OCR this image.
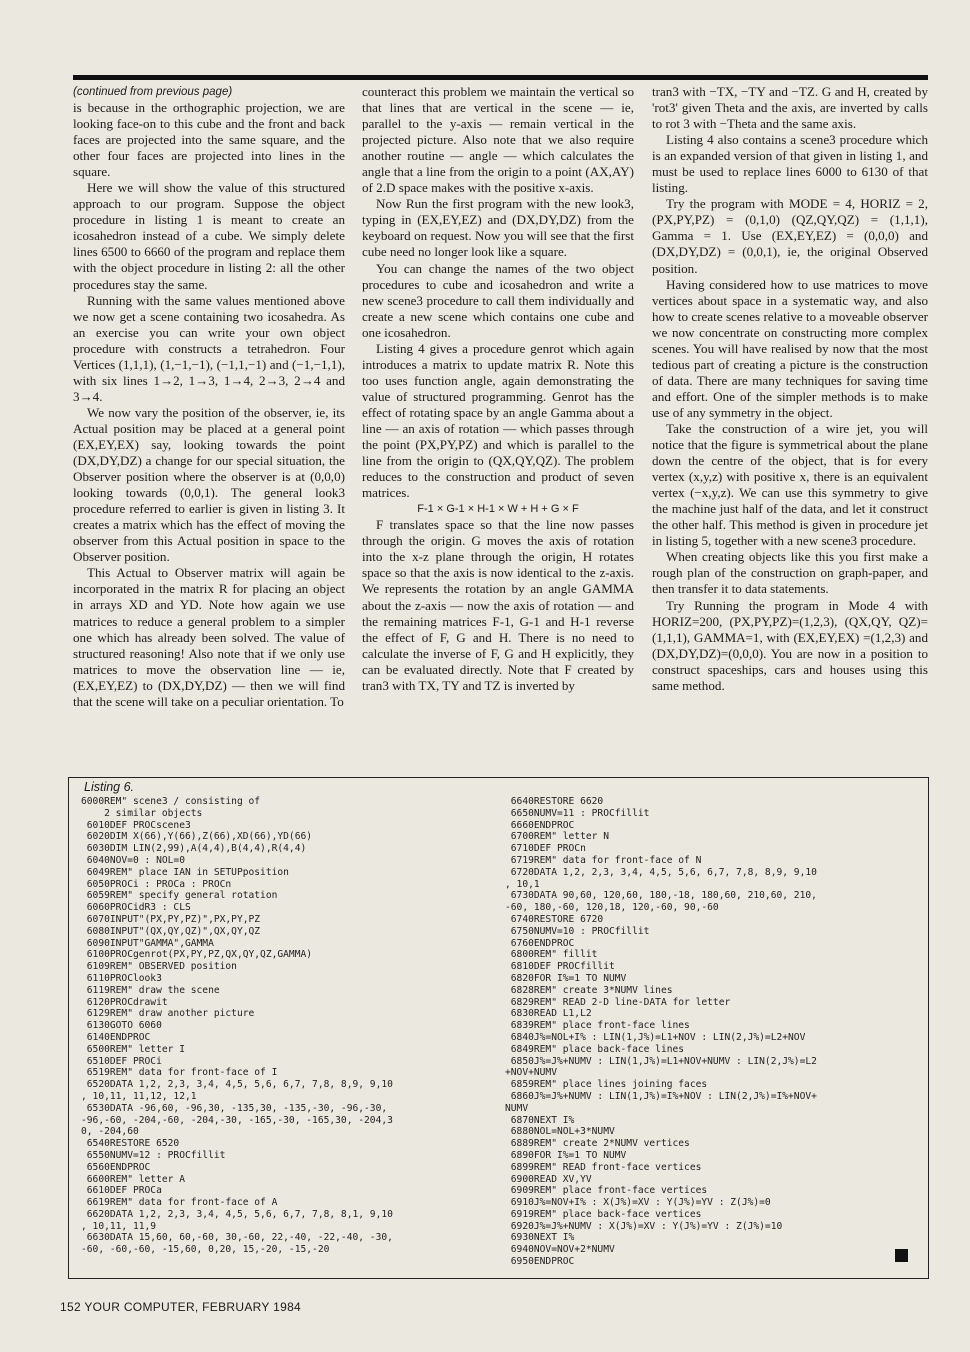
(continued from previous page)

is because in the orthographic projection, we are looking face-on to this cube and the front and back faces are projected into the same square, and the other four faces are projected into lines in the square.

Here we will show the value of this structured approach to our program. Suppose the object procedure in listing 1 is meant to create an icosahedron instead of a cube. We simply delete lines 6500 to 6660 of the program and replace them with the object procedure in listing 2: all the other procedures stay the same.

Running with the same values mentioned above we now get a scene containing two icosahedra. As an exercise you can write your own object procedure with constructs a tetrahedron. Four Vertices (1,1,1), (1,−1,−1), (−1,1,−1) and (−1,−1,1), with six lines 1→2, 1→3, 1→4, 2→3, 2→4 and 3→4.

We now vary the position of the observer, ie, its Actual position may be placed at a general point (EX,EY,EX) say, looking towards the point (DX,DY,DZ) a change for our special situation, the Observer position where the observer is at (0,0,0) looking towards (0,0,1). The general look3 procedure referred to earlier is given in listing 3. It creates a matrix which has the effect of moving the observer from this Actual position in space to the Observer position.

This Actual to Observer matrix will again be incorporated in the matrix R for placing an object in arrays XD and YD. Note how again we use matrices to reduce a general problem to a simpler one which has already been solved. The value of structured reasoning! Also note that if we only use matrices to move the observation line — ie, (EX,EY,EZ) to (DX,DY,DZ) — then we will find that the scene will take on a peculiar orientation. To

counteract this problem we maintain the vertical so that lines that are vertical in the scene — ie, parallel to the y-axis — remain vertical in the projected picture. Also note that we also require another routine — angle — which calculates the angle that a line from the origin to a point (AX,AY) of 2.D space makes with the positive x-axis.

Now Run the first program with the new look3, typing in (EX,EY,EZ) and (DX,DY,DZ) from the keyboard on request. Now you will see that the first cube need no longer look like a square.

You can change the names of the two object procedures to cube and icosahedron and write a new scene3 procedure to call them individually and create a new scene which contains one cube and one icosahedron.

Listing 4 gives a procedure genrot which again introduces a matrix to update matrix R. Note this too uses function angle, again demonstrating the value of structured programming. Genrot has the effect of rotating space by an angle Gamma about a line — an axis of rotation — which passes through the point (PX,PY,PZ) and which is parallel to the line from the origin to (QX,QY,QZ). The problem reduces to the construction and product of seven matrices.

F-1 × G-1 × H-1 × W + H + G × F

F translates space so that the line now passes through the origin. G moves the axis of rotation into the x-z plane through the origin, H rotates space so that the axis is now identical to the z-axis. We represents the rotation by an angle GAMMA about the z-axis — now the axis of rotation — and the remaining matrices F-1, G-1 and H-1 reverse the effect of F, G and H. There is no need to calculate the inverse of F, G and H explicitly, they can be evaluated directly. Note that F created by tran3 with TX, TY and TZ is inverted by

tran3 with −TX, −TY and −TZ. G and H, created by 'rot3' given Theta and the axis, are inverted by calls to rot 3 with −Theta and the same axis.

Listing 4 also contains a scene3 procedure which is an expanded version of that given in listing 1, and must be used to replace lines 6000 to 6130 of that listing.

Try the program with MODE = 4, HORIZ = 2, (PX,PY,PZ) = (0,1,0) (QZ,QY,QZ) = (1,1,1), Gamma = 1. Use (EX,EY,EZ) = (0,0,0) and (DX,DY,DZ) = (0,0,1), ie, the original Observed position.

Having considered how to use matrices to move vertices about space in a systematic way, and also how to create scenes relative to a moveable observer we now concentrate on constructing more complex scenes. You will have realised by now that the most tedious part of creating a picture is the construction of data. There are many techniques for saving time and effort. One of the simpler methods is to make use of any symmetry in the object.

Take the construction of a wire jet, you will notice that the figure is symmetrical about the plane down the centre of the object, that is for every vertex (x,y,z) with positive x, there is an equivalent vertex (−x,y,z). We can use this symmetry to give the machine just half of the data, and let it construct the other half. This method is given in procedure jet in listing 5, together with a new scene3 procedure.

When creating objects like this you first make a rough plan of the construction on graph-paper, and then transfer it to data statements.

Try Running the program in Mode 4 with HORIZ=200, (PX,PY,PZ)=(1,2,3), (QX,QY, QZ)=(1,1,1), GAMMA=1, with (EX,EY,EX) =(1,2,3) and (DX,DY,DZ)=(0,0,0). You are now in a position to construct spaceships, cars and houses using this same method.

Listing 6.
6000REM" scene3 / consisting of
2 similar objects
6010DEF PROCscene3
6020DIM X(66),Y(66),Z(66),XD(66),YD(66)
6030DIM LIN(2,99),A(4,4),B(4,4),R(4,4)
6040NOV=0 : NOL=0
6049REM" place IAN in SETUPposition
6050PROCi : PROCa : PROCn
6059REM" specify general rotation
6060PROCidR3 : CLS
6070INPUT"(PX,PY,PZ)",PX,PY,PZ
6080INPUT"(QX,QY,QZ)",QX,QY,QZ
6090INPUT"GAMMA",GAMMA
6100PROCgenrot(PX,PY,PZ,QX,QY,QZ,GAMMA)
6109REM" OBSERVED position
6110PROClook3
6119REM" draw the scene
6120PROCdrawit
6129REM" draw another picture
6130GOTO 6060
6140ENDPROC
6500REM" letter I
6510DEF PROCi
6519REM" data for front-face of I
6520DATA 1,2, 2,3, 3,4, 4,5, 5,6, 6,7, 7,8, 8,9, 9,10
, 10,11, 11,12, 12,1
6530DATA -96,60, -96,30, -135,30, -135,-30, -96,-30,
-96,-60, -204,-60, -204,-30, -165,-30, -165,30, -204,3
0, -204,60
6540RESTORE 6520
6550NUMV=12 : PROCfillit
6560ENDPROC
6600REM" letter A
6610DEF PROCa
6619REM" data for front-face of A
6620DATA 1,2, 2,3, 3,4, 4,5, 5,6, 6,7, 7,8, 8,1, 9,10
, 10,11, 11,9
6630DATA 15,60, 60,-60, 30,-60, 22,-40, -22,-40, -30,
-60, -60,-60, -15,60, 0,20, 15,-20, -15,-20
6640RESTORE 6620
6650NUMV=11 : PROCfillit
6660ENDPROC
6700REM" letter N
6710DEF PROCn
6719REM" data for front-face of N
6720DATA 1,2, 2,3, 3,4, 4,5, 5,6, 6,7, 7,8, 8,9, 9,10
, 10,1
6730DATA 90,60, 120,60, 180,-18, 180,60, 210,60, 210,
-60, 180,-60, 120,18, 120,-60, 90,-60
6740RESTORE 6720
6750NUMV=10 : PROCfillit
6760ENDPROC
6800REM" fillit
6810DEF PROCfillit
6820FOR I%=1 TO NUMV
6828REM" create 3*NUMV lines
6829REM" READ 2-D line-DATA for letter
6830READ L1,L2
6839REM" place front-face lines
6840J%=NOL+I% : LIN(1,J%)=L1+NOV : LIN(2,J%)=L2+NOV
6849REM" place back-face lines
6850J%=J%+NUMV : LIN(1,J%)=L1+NOV+NUMV : LIN(2,J%)=L2
+NOV+NUMV
6859REM" place lines joining faces
6860J%=J%+NUMV : LIN(1,J%)=I%+NOV : LIN(2,J%)=I%+NOV+
NUMV
6870NEXT I%
6880NOL=NOL+3*NUMV
6889REM" create 2*NUMV vertices
6890FOR I%=1 TO NUMV
6899REM" READ front-face vertices
6900READ XV,YV
6909REM" place front-face vertices
6910J%=NOV+I% : X(J%)=XV : Y(J%)=YV : Z(J%)=0
6919REM" place back-face vertices
6920J%=J%+NUMV : X(J%)=XV : Y(J%)=YV : Z(J%)=10
6930NEXT I%
6940NOV=NOV+2*NUMV
6950ENDPROC
152 YOUR COMPUTER, FEBRUARY 1984
